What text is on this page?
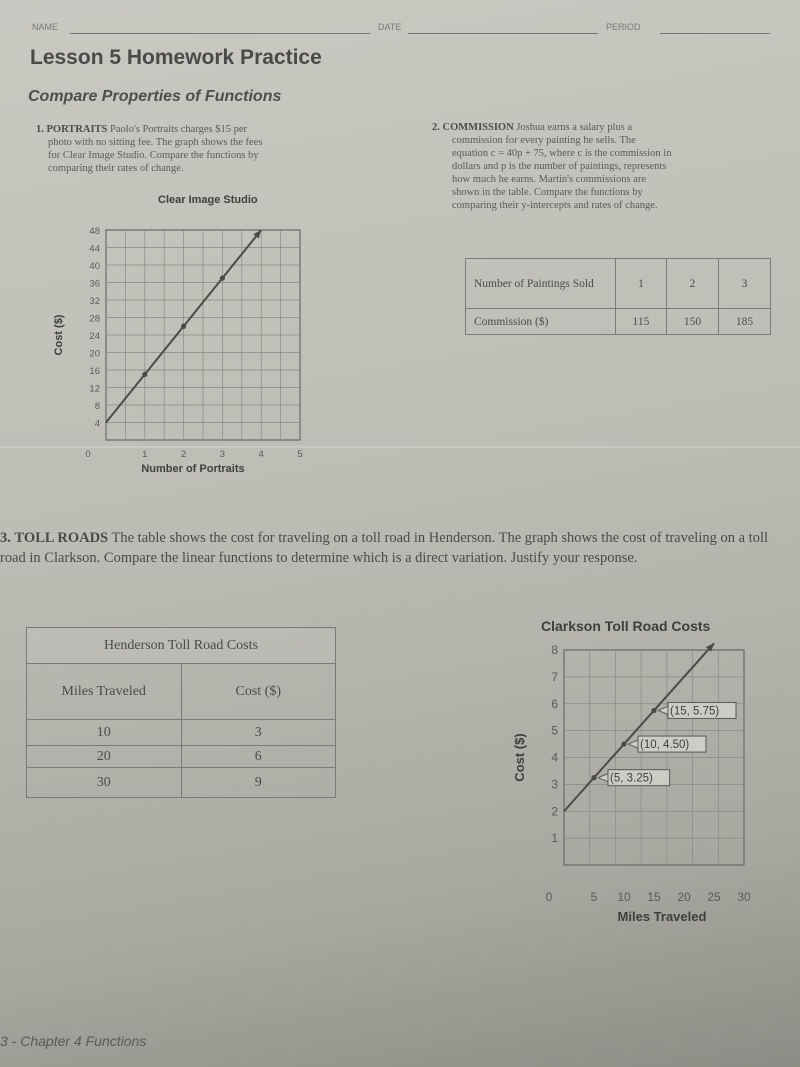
NAME	DATE	PERIOD
Lesson 5 Homework Practice
Compare Properties of Functions
1. PORTRAITS Paolo's Portraits charges $15 per
photo with no sitting fee. The graph shows the fees
for Clear Image Studio. Compare the functions by
comparing their rates of change.
Clear Image Studio
4
8
12
16
20
24
28
32
36
40
44
48
0	1	2	3	4	5
Number of Portraits
Cost ($)
2. COMMISSION Joshua earns a salary plus a
commission for every painting he sells. The
equation c = 40p + 75, where c is the commission in
dollars and p is the number of paintings, represents
how much he earns. Martin's commissions are
shown in the table. Compare the functions by
comparing their y-intercepts and rates of change.
Number of Paintings Sold	1	2	3
Commission ($)	115	150	185
3. TOLL ROADS The table shows the cost for traveling on a toll road in Henderson. The graph shows the cost of traveling on a toll road in Clarkson. Compare the linear functions to determine which is a direct variation. Justify your response.
Henderson Toll Road Costs	
Miles Traveled	Cost ($)
10	3
20	6
30	9
Clarkson Toll Road Costs
1
2
3
4
5
6
7
8
0	5 10 15 20 25 30
Miles Traveled
Cost ($)	(5, 3.25)
(10, 4.50)
(15, 5.75)
3 - Chapter 4 Functions
